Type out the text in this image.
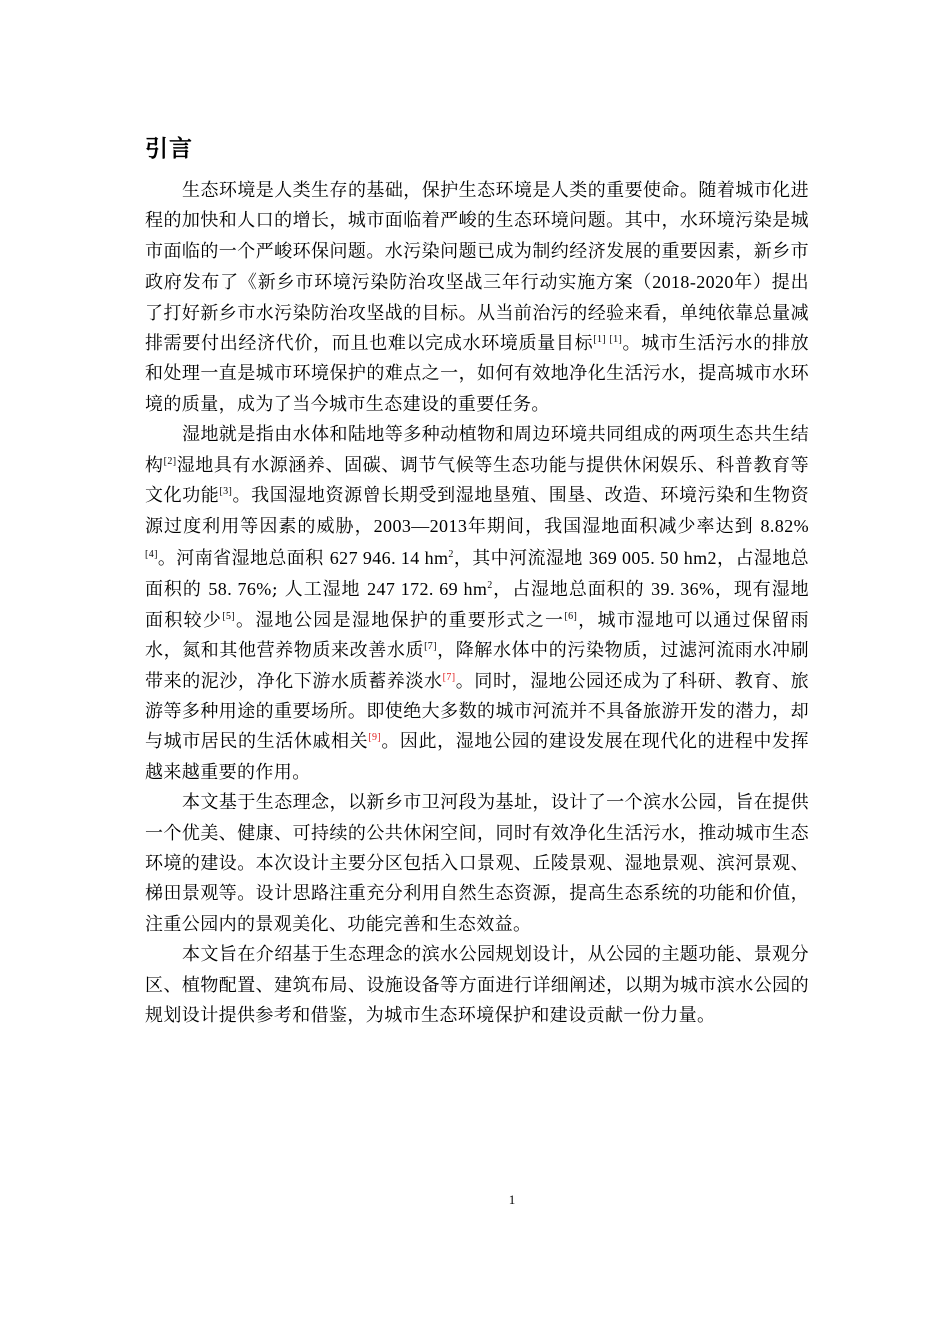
引言

生态环境是人类生存的基础，保护生态环境是人类的重要使命。随着城市化进程的加快和人口的增长，城市面临着严峻的生态环境问题。其中，水环境污染是城市面临的一个严峻环保问题。水污染问题已成为制约经济发展的重要因素，新乡市政府发布了《新乡市环境污染防治攻坚战三年行动实施方案（2018-2020年）提出了打好新乡市水污染防治攻坚战的目标。从当前治污的经验来看，单纯依靠总量减排需要付出经济代价，而且也难以完成水环境质量目标[1] [1]。城市生活污水的排放和处理一直是城市环境保护的难点之一，如何有效地净化生活污水，提高城市水环境的质量，成为了当今城市生态建设的重要任务。

湿地就是指由水体和陆地等多种动植物和周边环境共同组成的两项生态共生结构[2]湿地具有水源涵养、固碳、调节气候等生态功能与提供休闲娱乐、科普教育等文化功能[3]。我国湿地资源曾长期受到湿地垦殖、围垦、改造、环境污染和生物资源过度利用等因素的威胁，2003—2013年期间，我国湿地面积减少率达到 8.82%[4]。河南省湿地总面积 627 946. 14 $hm^2$，其中河流湿地 369 005. 50 hm2，占湿地总面积的 58. 76%; 人工湿地 247 172. 69 $hm^2$，占湿地总面积的 39. 36%，现有湿地面积较少[5]。湿地公园是湿地保护的重要形式之一[6]，城市湿地可以通过保留雨水，氮和其他营养物质来改善水质[7]，降解水体中的污染物质，过滤河流雨水冲刷带来的泥沙，净化下游水质蓄养淡水[7]。同时，湿地公园还成为了科研、教育、旅游等多种用途的重要场所。即使绝大多数的城市河流并不具备旅游开发的潜力，却与城市居民的生活休戚相关[9]。因此，湿地公园的建设发展在现代化的进程中发挥越来越重要的作用。

本文基于生态理念，以新乡市卫河段为基址，设计了一个滨水公园，旨在提供一个优美、健康、可持续的公共休闲空间，同时有效净化生活污水，推动城市生态环境的建设。本次设计主要分区包括入口景观、丘陵景观、湿地景观、滨河景观、梯田景观等。设计思路注重充分利用自然生态资源，提高生态系统的功能和价值，注重公园内的景观美化、功能完善和生态效益。

本文旨在介绍基于生态理念的滨水公园规划设计，从公园的主题功能、景观分区、植物配置、建筑布局、设施设备等方面进行详细阐述，以期为城市滨水公园的规划设计提供参考和借鉴，为城市生态环境保护和建设贡献一份力量。

1
